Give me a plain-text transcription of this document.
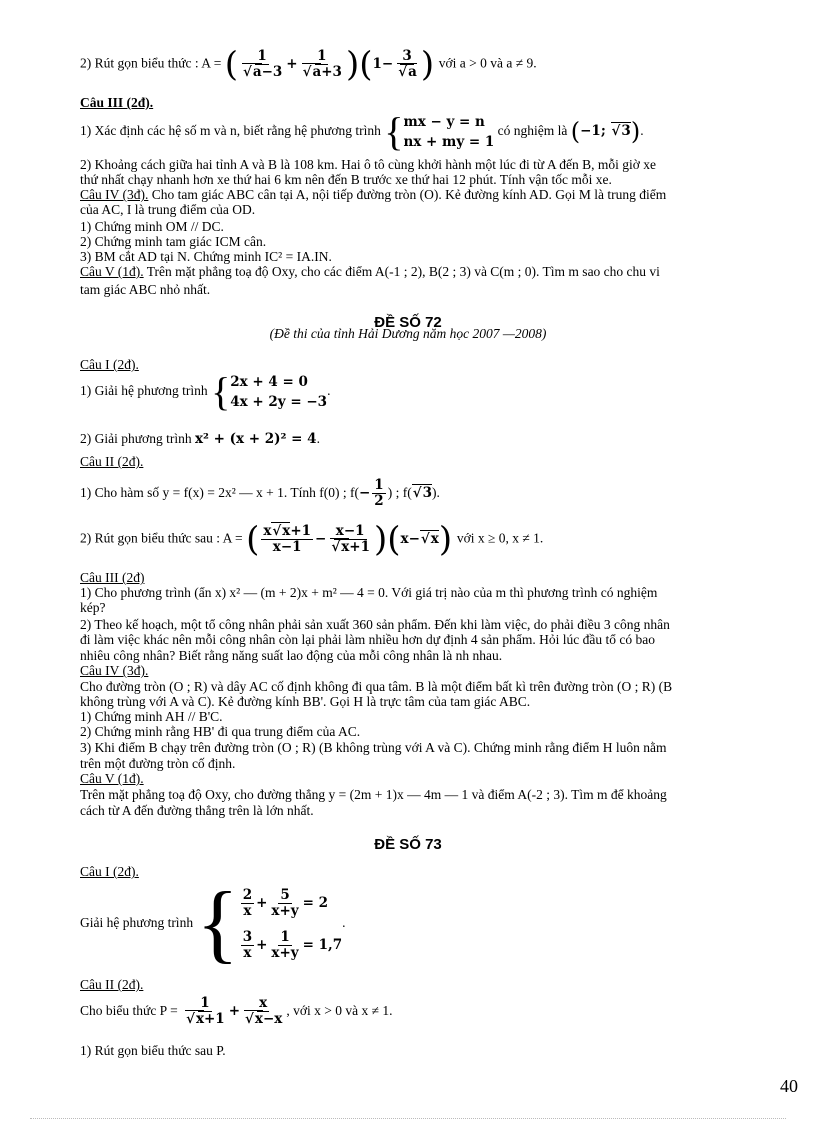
2) Rút gọn biểu thức : A = ( 1
√ a−3 + 1
√ a+3 )(1− 3
√ a ) với a > 0 và a ≠ 9.
Câu III (2đ).
1) Xác định các hệ số m và n, biết rằng hệ phương trình { mx − y = n
nx + my = 1
có nghiệm là (−1; √ 3).
2) Khoảng cách giữa hai tỉnh A và B là 108 km. Hai ô tô cùng khởi hành một lúc đi từ A đến B, mỗi giờ xe
thứ nhất chạy nhanh hơn xe thứ hai 6 km nên đến B trước xe thứ hai 12 phút. Tính vận tốc mỗi xe.
Câu IV (3đ). Cho tam giác ABC cân tại A, nội tiếp đường tròn (O). Kẻ đường kính AD. Gọi M là trung điểm
của AC, I là trung điểm của OD.
1) Chứng minh OM // DC.
2) Chứng minh tam giác ICM cân.
3) BM cắt AD tại N. Chứng minh IC² = IA.IN.
Câu V (1đ). Trên mặt phẳng toạ độ Oxy, cho các điểm A(-1 ; 2), B(2 ; 3) và C(m ; 0). Tìm m sao cho chu vi
tam giác ABC nhỏ nhất.
ĐỀ SỐ 72
(Đề thi của tỉnh Hải Dương năm học 2007 —2008)
Câu I (2đ).
1) Giải hệ phương trình { 2x + 4 = 0
4x + 2y = −3
.
2) Giải phương trình x² + (x + 2)² = 4.
Câu II (2đ).
1) Cho hàm số y = f(x) = 2x² — x + 1. Tính f(0) ; $f(- \frac{1}{2}$ ) ; f( √ 3).
2) Rút gọn biểu thức sau : A = ( $\frac{x √ x+1}{x-1} - x-1$
√ x+1 )(x− √ x) với x ≥ 0, x ≠ 1.
Câu III (2đ)
1) Cho phương trình (ẩn x) x² — (m + 2)x + m² — 4 = 0. Với giá trị nào của m thì phương trình có nghiệm
kép?
2) Theo kế hoạch, một tổ công nhân phải sản xuất 360 sản phẩm. Đến khi làm việc, do phải điều 3 công nhân
đi làm việc khác nên mỗi công nhân còn lại phải làm nhiều hơn dự định 4 sản phẩm. Hỏi lúc đầu tổ có bao
nhiêu công nhân? Biết rằng năng suất lao động của mỗi công nhân là nh nhau.
Câu IV (3đ).
Cho đường tròn (O ; R) và dây AC cố định không đi qua tâm. B là một điểm bất kì trên đường tròn (O ; R) (B
không trùng với A và C). Kẻ đường kính BB'. Gọi H là trực tâm của tam giác ABC.
1) Chứng minh AH // B'C.
2) Chứng minh rằng HB' đi qua trung điểm của AC.
3) Khi điểm B chạy trên đường tròn (O ; R) (B không trùng với A và C). Chứng minh rằng điểm H luôn nằm
trên một đường tròn cố định.
Câu V (1đ).
Trên mặt phẳng toạ độ Oxy, cho đường thẳng y = (2m + 1)x — 4m — 1 và điểm A(-2 ; 3). Tìm m để khoảng
cách từ A đến đường thẳng trên là lớn nhất.
ĐỀ SỐ 73
Câu I (2đ).
Giải hệ phương trình { $\frac{2}{x} + \frac{5}{x+y} = 2$
$\frac{3}{x} + \frac{1}{x+y} = 1,7$
.
Câu II (2đ).
Cho biểu thức P = 1
√ x+1 + x
√ x−x , với x > 0 và x ≠ 1.
1) Rút gọn biểu thức sau P.
40
